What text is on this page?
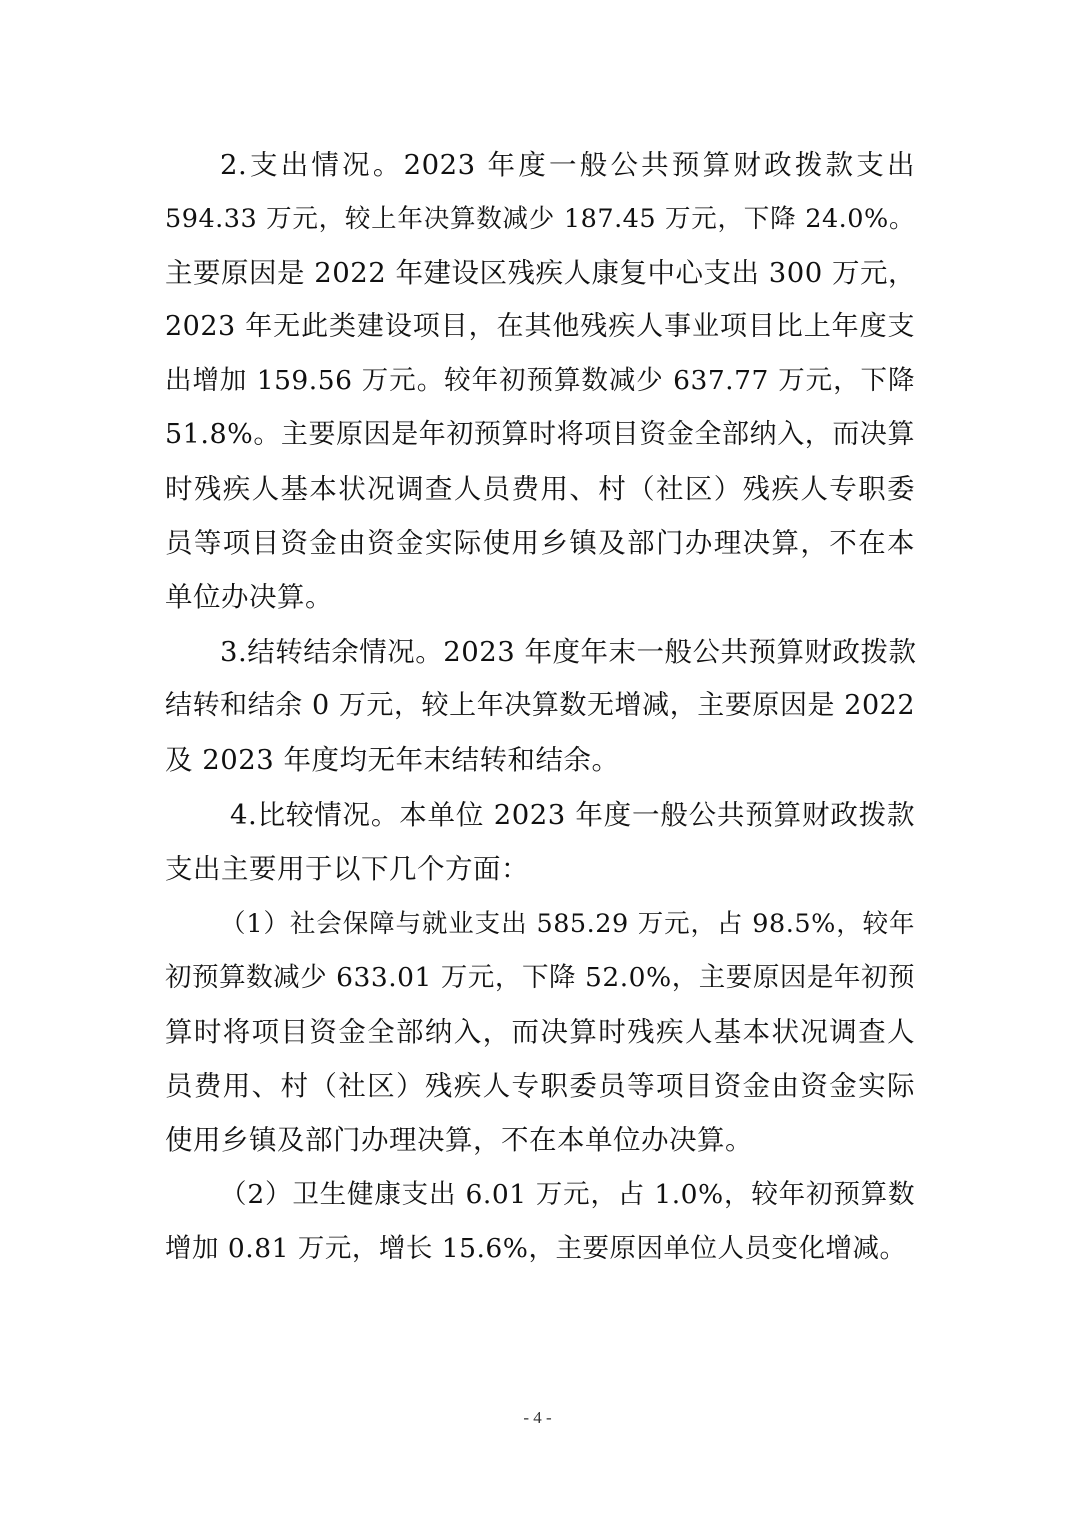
2.支出情况。2023 年度一般公共预算财政拨款支出
594.33 万元，较上年决算数减少 187.45 万元，下降 24.0%。
主要原因是 2022 年建设区残疾人康复中心支出 300 万元，
2023 年无此类建设项目，在其他残疾人事业项目比上年度支
出增加 159.56 万元。较年初预算数减少 637.77 万元，下降
51.8%。主要原因是年初预算时将项目资金全部纳入，而决算
时残疾人基本状况调查人员费用、村（社区）残疾人专职委
员等项目资金由资金实际使用乡镇及部门办理决算，不在本
单位办决算。
3.结转结余情况。2023 年度年末一般公共预算财政拨款
结转和结余 0 万元，较上年决算数无增减，主要原因是 2022
及 2023 年度均无年末结转和结余。
4.比较情况。本单位 2023 年度一般公共预算财政拨款
支出主要用于以下几个方面：
（1）社会保障与就业支出 585.29 万元，占 98.5%，较年
初预算数减少 633.01 万元，下降 52.0%，主要原因是年初预
算时将项目资金全部纳入，而决算时残疾人基本状况调查人
员费用、村（社区）残疾人专职委员等项目资金由资金实际
使用乡镇及部门办理决算，不在本单位办决算。
（2）卫生健康支出 6.01 万元，占 1.0%，较年初预算数
增加 0.81 万元，增长 15.6%，主要原因单位人员变化增减。
- 4 -
